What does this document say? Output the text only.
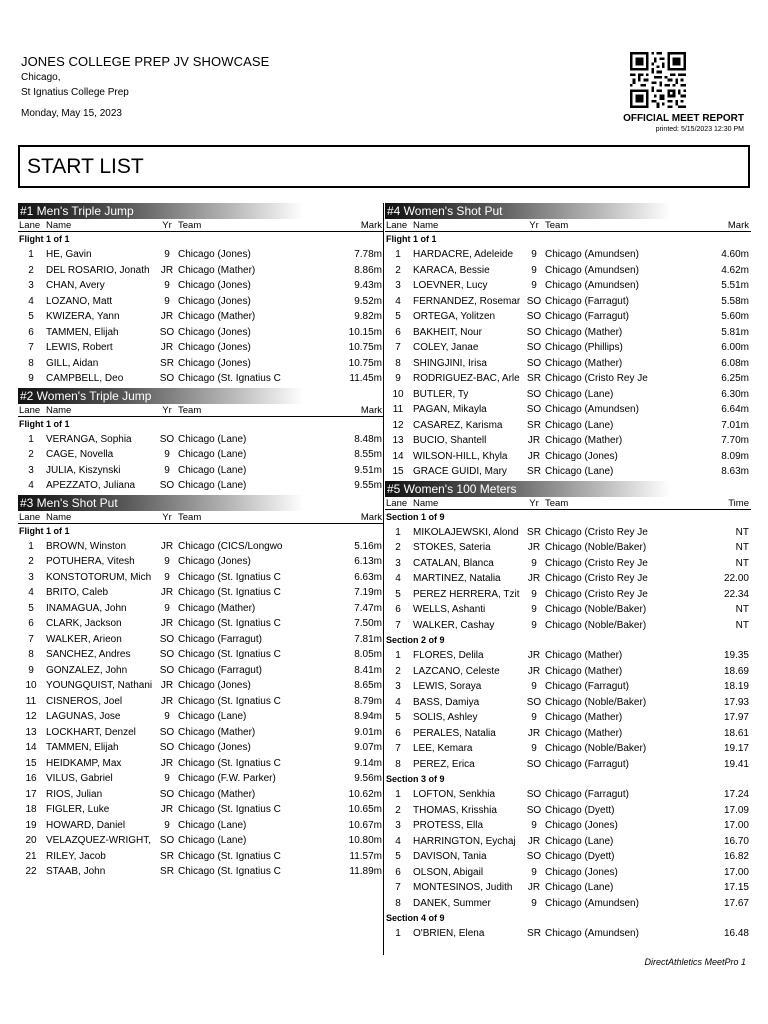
JONES COLLEGE PREP JV SHOWCASE
Chicago,
St Ignatius College Prep
Monday, May 15, 2023	OFFICIAL MEET REPORT
printed: 5/15/2023 12:30 PM
START LIST
#1 Men's Triple Jump
Lane Name	Yr Team	Mark
Flight 1 of 1
1	HE, Gavin	9 Chicago (Jones)	7.78m
2	DEL ROSARIO, Jonath	JR Chicago (Mather)	8.86m
3	CHAN, Avery	9 Chicago (Jones)	9.43m
4	LOZANO, Matt	9 Chicago (Jones)	9.52m
5	KWIZERA, Yann	JR Chicago (Mather)	9.82m
6	TAMMEN, Elijah	SO Chicago (Jones)	10.15m
7	LEWIS, Robert	JR Chicago (Jones)	10.75m
8	GILL, Aidan	SR Chicago (Jones)	10.75m
9	CAMPBELL, Deo	SO Chicago (St. Ignatius C	11.45m
#2 Women's Triple Jump
Lane Name	Yr Team	Mark
Flight 1 of 1
1	VERANGA, Sophia	SO Chicago (Lane)	8.48m
2	CAGE, Novella	9 Chicago (Lane)	8.55m
3	JULIA, Kiszynski	9 Chicago (Lane)	9.51m
4	APEZZATO, Juliana	SO Chicago (Lane)	9.55m
#3 Men's Shot Put
Lane Name	Yr Team	Mark
Flight 1 of 1
1	BROWN, Winston	JR Chicago (CICS/Longwo	5.16m
2	POTUHERA, Vitesh	9 Chicago (Jones)	6.13m
3	KONSTOTORUM, Mich	9 Chicago (St. Ignatius C	6.63m
4	BRITO, Caleb	JR Chicago (St. Ignatius C	7.19m
5	INAMAGUA, John	9 Chicago (Mather)	7.47m
6	CLARK, Jackson	JR Chicago (St. Ignatius C	7.50m
7	WALKER, Arieon	SO Chicago (Farragut)	7.81m
8	SANCHEZ, Andres	SO Chicago (St. Ignatius C	8.05m
9	GONZALEZ, John	SO Chicago (Farragut)	8.41m
10 YOUNGQUIST, Nathani JR Chicago (Jones)	8.65m
11 CISNEROS, Joel	JR Chicago (St. Ignatius C	8.79m
12 LAGUNAS, Jose	9 Chicago (Lane)	8.94m
13 LOCKHART, Denzel	SO Chicago (Mather)	9.01m
14 TAMMEN, Elijah	SO Chicago (Jones)	9.07m
15 HEIDKAMP, Max	JR Chicago (St. Ignatius C	9.14m
16 VILUS, Gabriel	9 Chicago (F.W. Parker)	9.56m
17 RIOS, Julian	SO Chicago (Mather)	10.62m
18 FIGLER, Luke	JR Chicago (St. Ignatius C	10.65m
19 HOWARD, Daniel	9 Chicago (Lane)	10.67m
20 VELAZQUEZ-WRIGHT, SO Chicago (Lane)	10.80m
21 RILEY, Jacob	SR Chicago (St. Ignatius C	11.57m
22 STAAB, John	SR Chicago (St. Ignatius C	11.89m
#4 Women's Shot Put
Lane Name	Yr Team	Mark
Flight 1 of 1
1	HARDACRE, Adeleide	9 Chicago (Amundsen)	4.60m
2	KARACA, Bessie	9 Chicago (Amundsen)	4.62m
3	LOEVNER, Lucy	9 Chicago (Amundsen)	5.51m
4	FERNANDEZ, Rosemar SO Chicago (Farragut)	5.58m
5	ORTEGA, Yolitzen	SO Chicago (Farragut)	5.60m
6	BAKHEIT, Nour	SO Chicago (Mather)	5.81m
7	COLEY, Janae	SO Chicago (Phillips)	6.00m
8	SHINGJINI, Irisa	SO Chicago (Mather)	6.08m
9	RODRIGUEZ-BAC, Arle SR Chicago (Cristo Rey Je	6.25m
10 BUTLER, Ty	SO Chicago (Lane)	6.30m
11 PAGAN, Mikayla	SO Chicago (Amundsen)	6.64m
12 CASAREZ, Karisma	SR Chicago (Lane)	7.01m
13 BUCIO, Shantell	JR Chicago (Mather)	7.70m
14 WILSON-HILL, Khyla	JR Chicago (Jones)	8.09m
15 GRACE GUIDI, Mary	SR Chicago (Lane)	8.63m
#5 Women's 100 Meters
Lane Name	Yr Team	Time
Section 1 of 9
1	MIKOLAJEWSKI, Alond SR Chicago (Cristo Rey Je	NT
2	STOKES, Sateria	JR Chicago (Noble/Baker)	NT
3	CATALAN, Blanca	9 Chicago (Cristo Rey Je	NT
4	MARTINEZ, Natalia	JR Chicago (Cristo Rey Je	22.00
5	PEREZ HERRERA, Tzit	9 Chicago (Cristo Rey Je	22.34
6	WELLS, Ashanti	9 Chicago (Noble/Baker)	NT
7	WALKER, Cashay	9 Chicago (Noble/Baker)	NT
Section 2 of 9
1	FLORES, Delila	JR Chicago (Mather)	19.35
2	LAZCANO, Celeste	JR Chicago (Mather)	18.69
3	LEWIS, Soraya	9 Chicago (Farragut)	18.19
4	BASS, Damiya	SO Chicago (Noble/Baker)	17.93
5	SOLIS, Ashley	9 Chicago (Mather)	17.97
6	PERALES, Natalia	JR Chicago (Mather)	18.61
7	LEE, Kemara	9 Chicago (Noble/Baker)	19.17
8	PEREZ, Erica	SO Chicago (Farragut)	19.41
Section 3 of 9
1	LOFTON, Senkhia	SO Chicago (Farragut)	17.24
2	THOMAS, Krisshia	SO Chicago (Dyett)	17.09
3	PROTESS, Ella	9 Chicago (Jones)	17.00
4	HARRINGTON, Eychaj	JR Chicago (Lane)	16.70
5	DAVISON, Tania	SO Chicago (Dyett)	16.82
6	OLSON, Abigail	9 Chicago (Jones)	17.00
7	MONTESINOS, Judith	JR Chicago (Lane)	17.15
8	DANEK, Summer	9 Chicago (Amundsen)	17.67
Section 4 of 9
1	O'BRIEN, Elena	SR Chicago (Amundsen)	16.48
DirectAthletics MeetPro 1
